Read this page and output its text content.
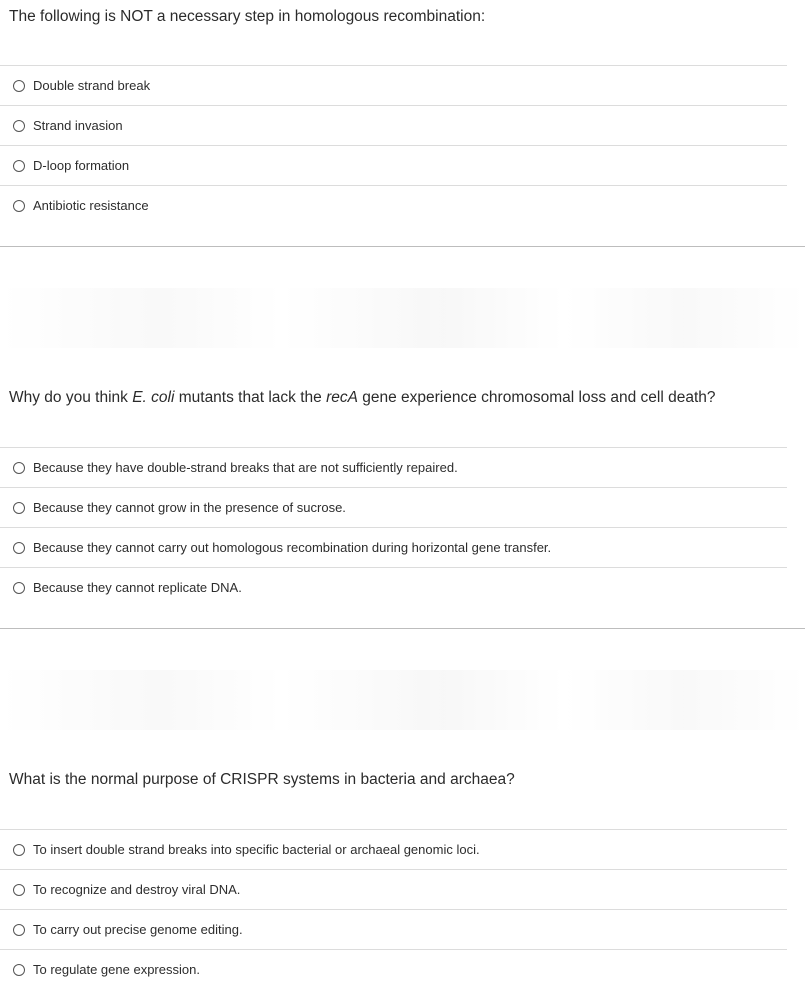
The following is NOT a necessary step in homologous recombination:
Double strand break
Strand invasion
D-loop formation
Antibiotic resistance
Why do you think E. coli mutants that lack the recA gene experience chromosomal loss and cell death?
Because they have double-strand breaks that are not sufficiently repaired.
Because they cannot grow in the presence of sucrose.
Because they cannot carry out homologous recombination during horizontal gene transfer.
Because they cannot replicate DNA.
What is the normal purpose of CRISPR systems in bacteria and archaea?
To insert double strand breaks into specific bacterial or archaeal genomic loci.
To recognize and destroy viral DNA.
To carry out precise genome editing.
To regulate gene expression.
